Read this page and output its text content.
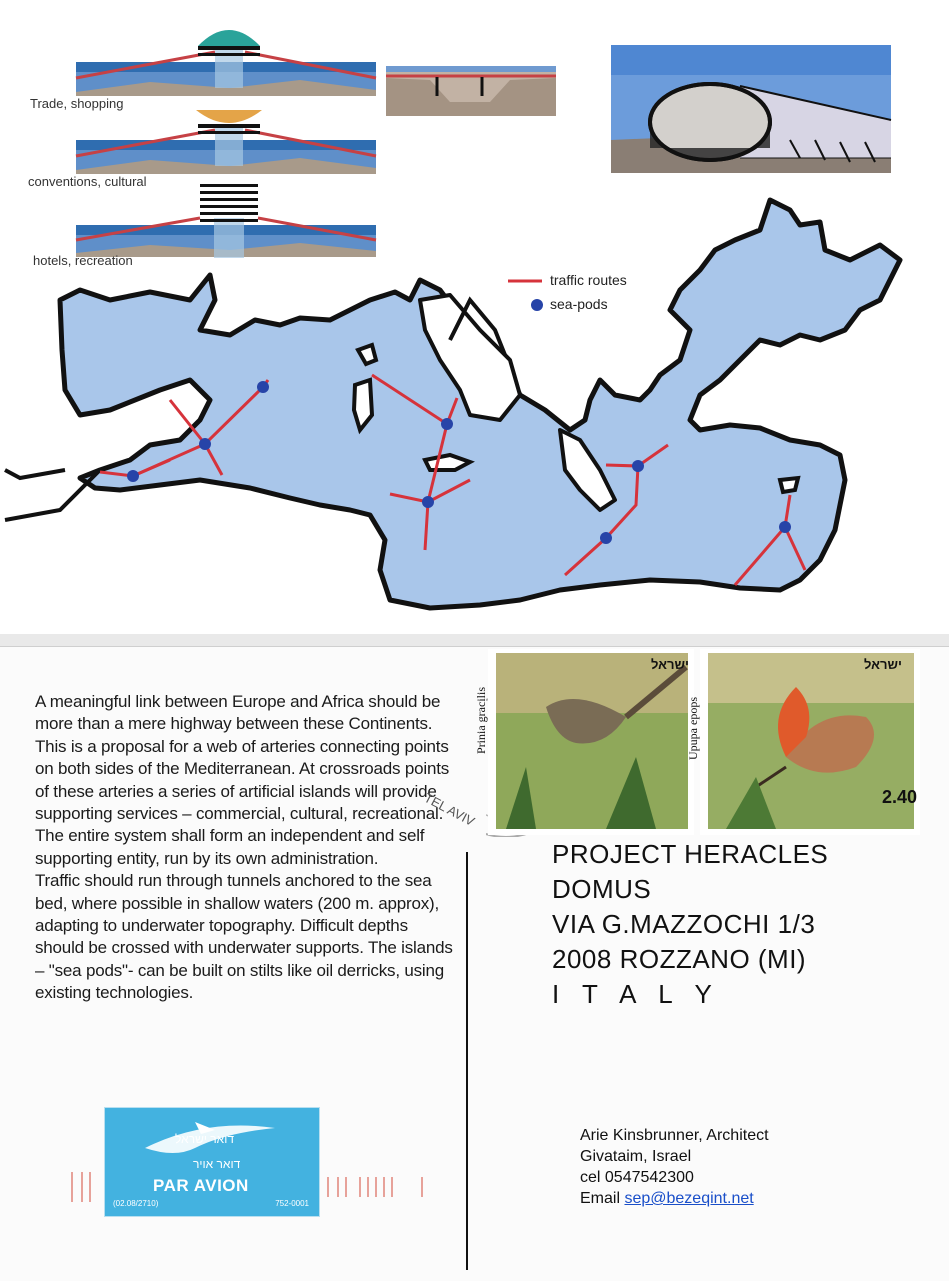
Trade, shopping
conventions, cultural
hotels, recreation
traffic routes
sea-pods

A meaningful link between Europe and Africa should be more than a mere highway between these Continents. This is a proposal for a web of arteries connecting points on both sides of the Mediterranean. At crossroads points of these arteries a series of artificial islands will provide supporting services – commercial, cultural, recreational.

The entire system shall form an independent and self supporting entity, run by its own administration.

Traffic should run through tunnels anchored to the sea bed, where possible in shallow waters (200 m. approx), adapting to underwater topography. Difficult depths should be crossed with underwater supports. The islands – "sea pods"- can be built on stilts like oil derricks, using existing technologies.

Prinia gracilis	Upupa epops
ישראל	ישראל
2.40
TEL AVIV
PROJECT HERACLES
DOMUS
VIA G.MAZZOCHI 1/3
2008 ROZZANO (MI)
I T A L Y
Arie Kinsbrunner, Architect
Givataim, Israel
cel 0547542300
Email sep@bezeqint.net
דואר ישראל
דואר אויר
PAR AVION
(02.08/2710)	752-0001
